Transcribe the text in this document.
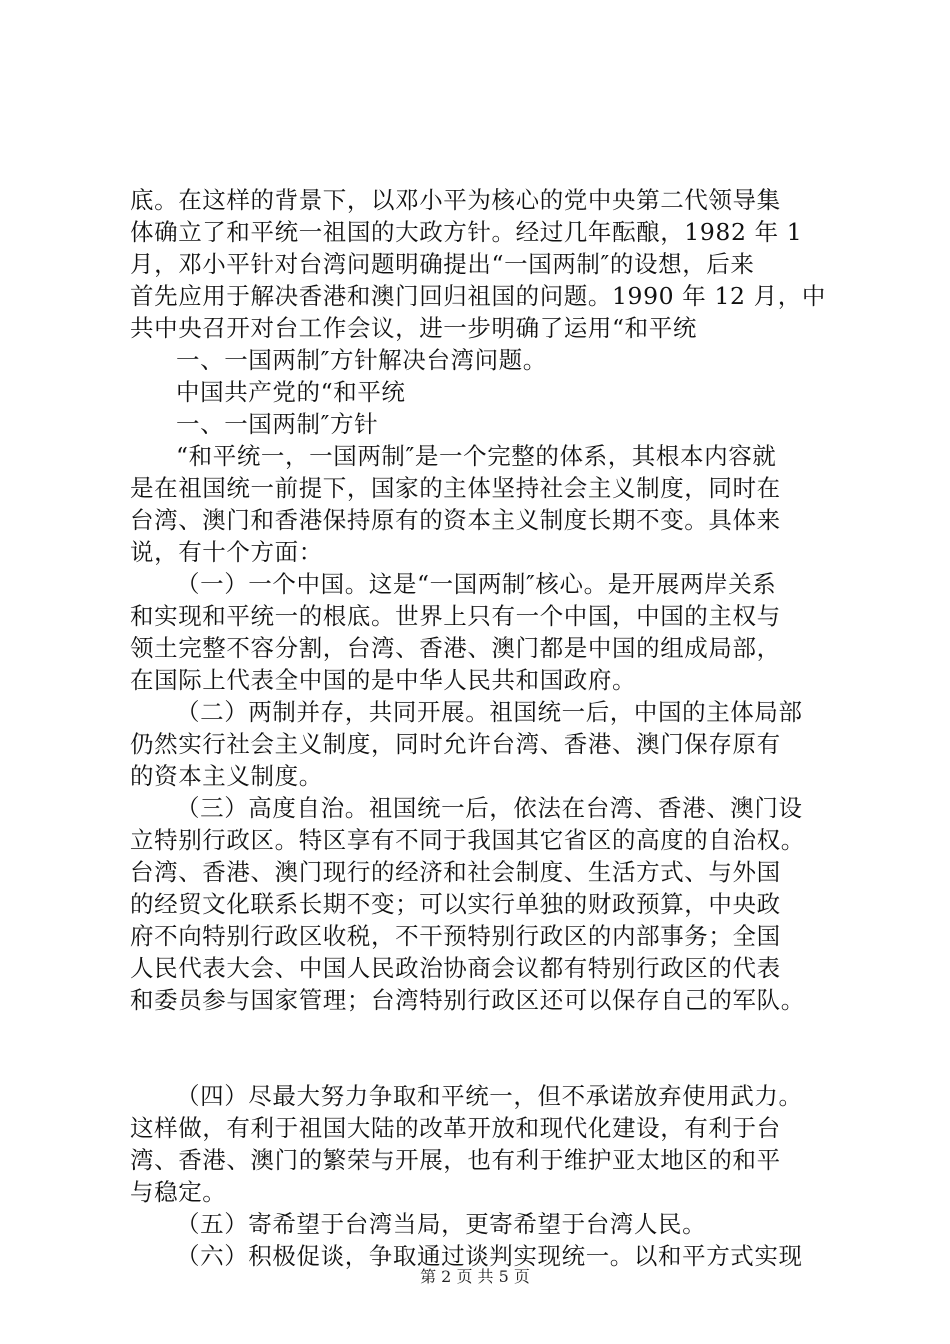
底。在这样的背景下，以邓小平为核心的党中央第二代领导集
体确立了和平统一祖国的大政方针。经过几年酝酿，1982 年 1
月，邓小平针对台湾问题明确提出“一国两制″的设想，后来
首先应用于解决香港和澳门回归祖国的问题。1990 年 12 月，中
共中央召开对台工作会议，进一步明确了运用“和平统
一、一国两制″方针解决台湾问题。
中国共产党的“和平统
一、一国两制″方针
“和平统一，一国两制″是一个完整的体系，其根本内容就
是在祖国统一前提下，国家的主体坚持社会主义制度，同时在
台湾、澳门和香港保持原有的资本主义制度长期不变。具体来
说，有十个方面：
（一）一个中国。这是“一国两制″核心。是开展两岸关系
和实现和平统一的根底。世界上只有一个中国，中国的主权与
领土完整不容分割，台湾、香港、澳门都是中国的组成局部，
在国际上代表全中国的是中华人民共和国政府。
（二）两制并存，共同开展。祖国统一后，中国的主体局部
仍然实行社会主义制度，同时允许台湾、香港、澳门保存原有
的资本主义制度。
（三）高度自治。祖国统一后，依法在台湾、香港、澳门设
立特别行政区。特区享有不同于我国其它省区的高度的自治权。
台湾、香港、澳门现行的经济和社会制度、生活方式、与外国
的经贸文化联系长期不变；可以实行单独的财政预算，中央政
府不向特别行政区收税，不干预特别行政区的内部事务；全国
人民代表大会、中国人民政治协商会议都有特别行政区的代表
和委员参与国家管理；台湾特别行政区还可以保存自己的军队。
（四）尽最大努力争取和平统一，但不承诺放弃使用武力。
这样做，有利于祖国大陆的改革开放和现代化建设，有利于台
湾、香港、澳门的繁荣与开展，也有利于维护亚太地区的和平
与稳定。
（五）寄希望于台湾当局，更寄希望于台湾人民。
（六）积极促谈，争取通过谈判实现统一。以和平方式实现
第 2 页 共 5 页
